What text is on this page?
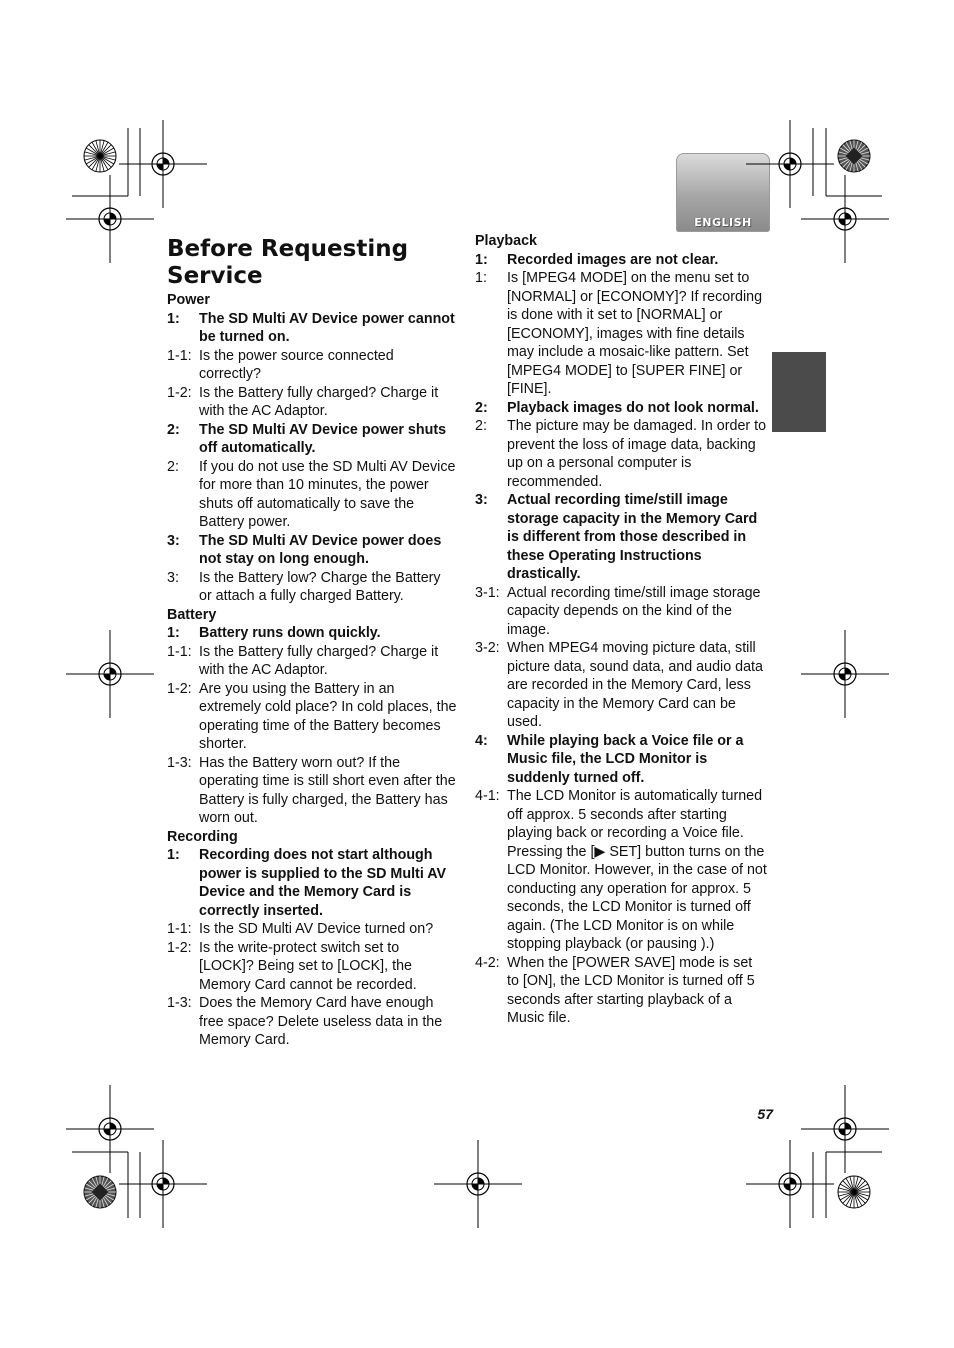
Before Requesting Service
ENGLISH

Power

1:	The SD Multi AV Device power cannot be turned on.
1-1: Is the power source connected correctly?
1-2: Is the Battery fully charged? Charge it with the AC Adaptor.
2:	The SD Multi AV Device power shuts off automatically.
2:	If you do not use the SD Multi AV Device for more than 10 minutes, the power shuts off automatically to save the Battery power.
3:	The SD Multi AV Device power does not stay on long enough.
3:	Is the Battery low? Charge the Battery or attach a fully charged Battery.

Battery

1:	Battery runs down quickly.
1-1: Is the Battery fully charged? Charge it with the AC Adaptor.
1-2: Are you using the Battery in an extremely cold place? In cold places, the operating time of the Battery becomes shorter.
1-3: Has the Battery worn out? If the operating time is still short even after the Battery is fully charged, the Battery has worn out.

Recording

1:	Recording does not start although power is supplied to the SD Multi AV Device and the Memory Card is correctly inserted.
1-1: Is the SD Multi AV Device turned on?
1-2: Is the write-protect switch set to [LOCK]? Being set to [LOCK], the Memory Card cannot be recorded.
1-3: Does the Memory Card have enough free space? Delete useless data in the Memory Card.

Playback

1:	Recorded images are not clear.
1:	Is [MPEG4 MODE] on the menu set to [NORMAL] or [ECONOMY]? If recording is done with it set to [NORMAL] or [ECONOMY], images with fine details may include a mosaic-like pattern. Set [MPEG4 MODE] to [SUPER FINE] or [FINE].
2:	Playback images do not look normal.
2:	The picture may be damaged. In order to prevent the loss of image data, backing up on a personal computer is recommended.
3:	Actual recording time/still image storage capacity in the Memory Card is different from those described in these Operating Instructions drastically.
3-1: Actual recording time/still image storage capacity depends on the kind of the image.
3-2: When MPEG4 moving picture data, still picture data, sound data, and audio data are recorded in the Memory Card, less capacity in the Memory Card can be used.
4:	While playing back a Voice file or a Music file, the LCD Monitor is suddenly turned off.
4-1: The LCD Monitor is automatically turned off approx. 5 seconds after starting playing back or recording a Voice file. Pressing the [▶ SET] button turns on the LCD Monitor. However, in the case of not conducting any operation for approx. 5 seconds, the LCD Monitor is turned off again. (The LCD Monitor is on while stopping playback (or pausing ).)
4-2: When the [POWER SAVE] mode is set to [ON], the LCD Monitor is turned off 5 seconds after starting playback of a Music file.
57
